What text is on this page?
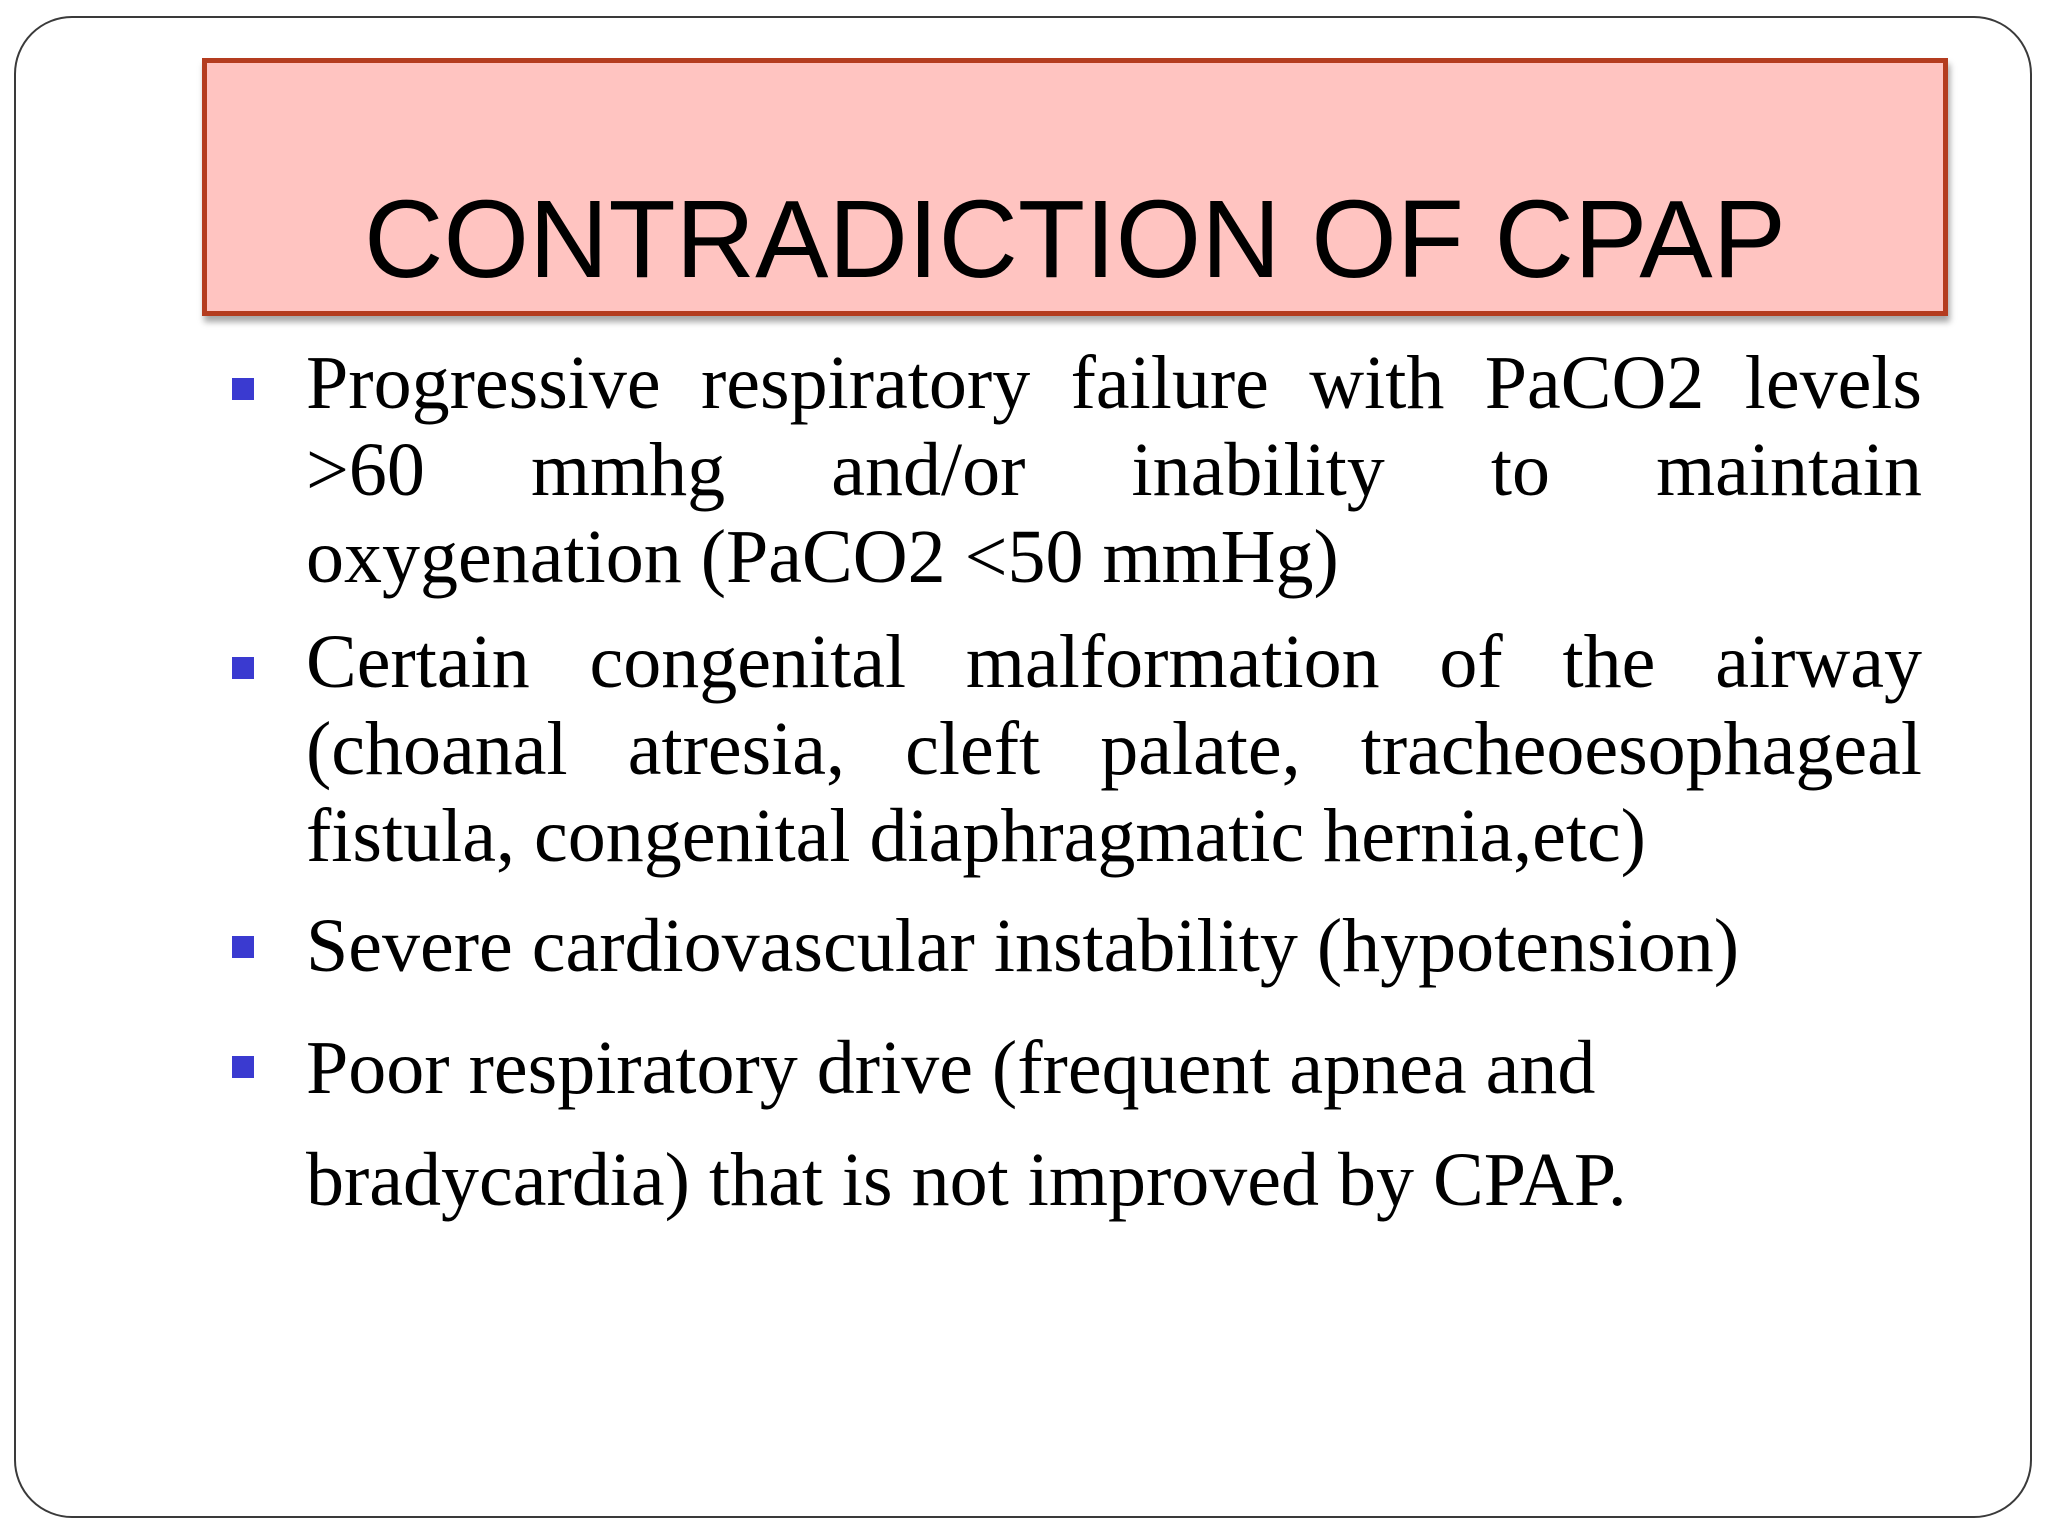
CONTRADICTION OF CPAP
Progressive respiratory failure with PaCO2 levels
>60 mmhg and/or inability to maintain
oxygenation (PaCO2 <50 mmHg)
Certain congenital malformation of the airway
(choanal atresia, cleft palate, tracheoesophageal
fistula, congenital diaphragmatic hernia,etc)
Severe cardiovascular instability (hypotension)
Poor respiratory drive (frequent apnea and
bradycardia) that is not improved by CPAP.
